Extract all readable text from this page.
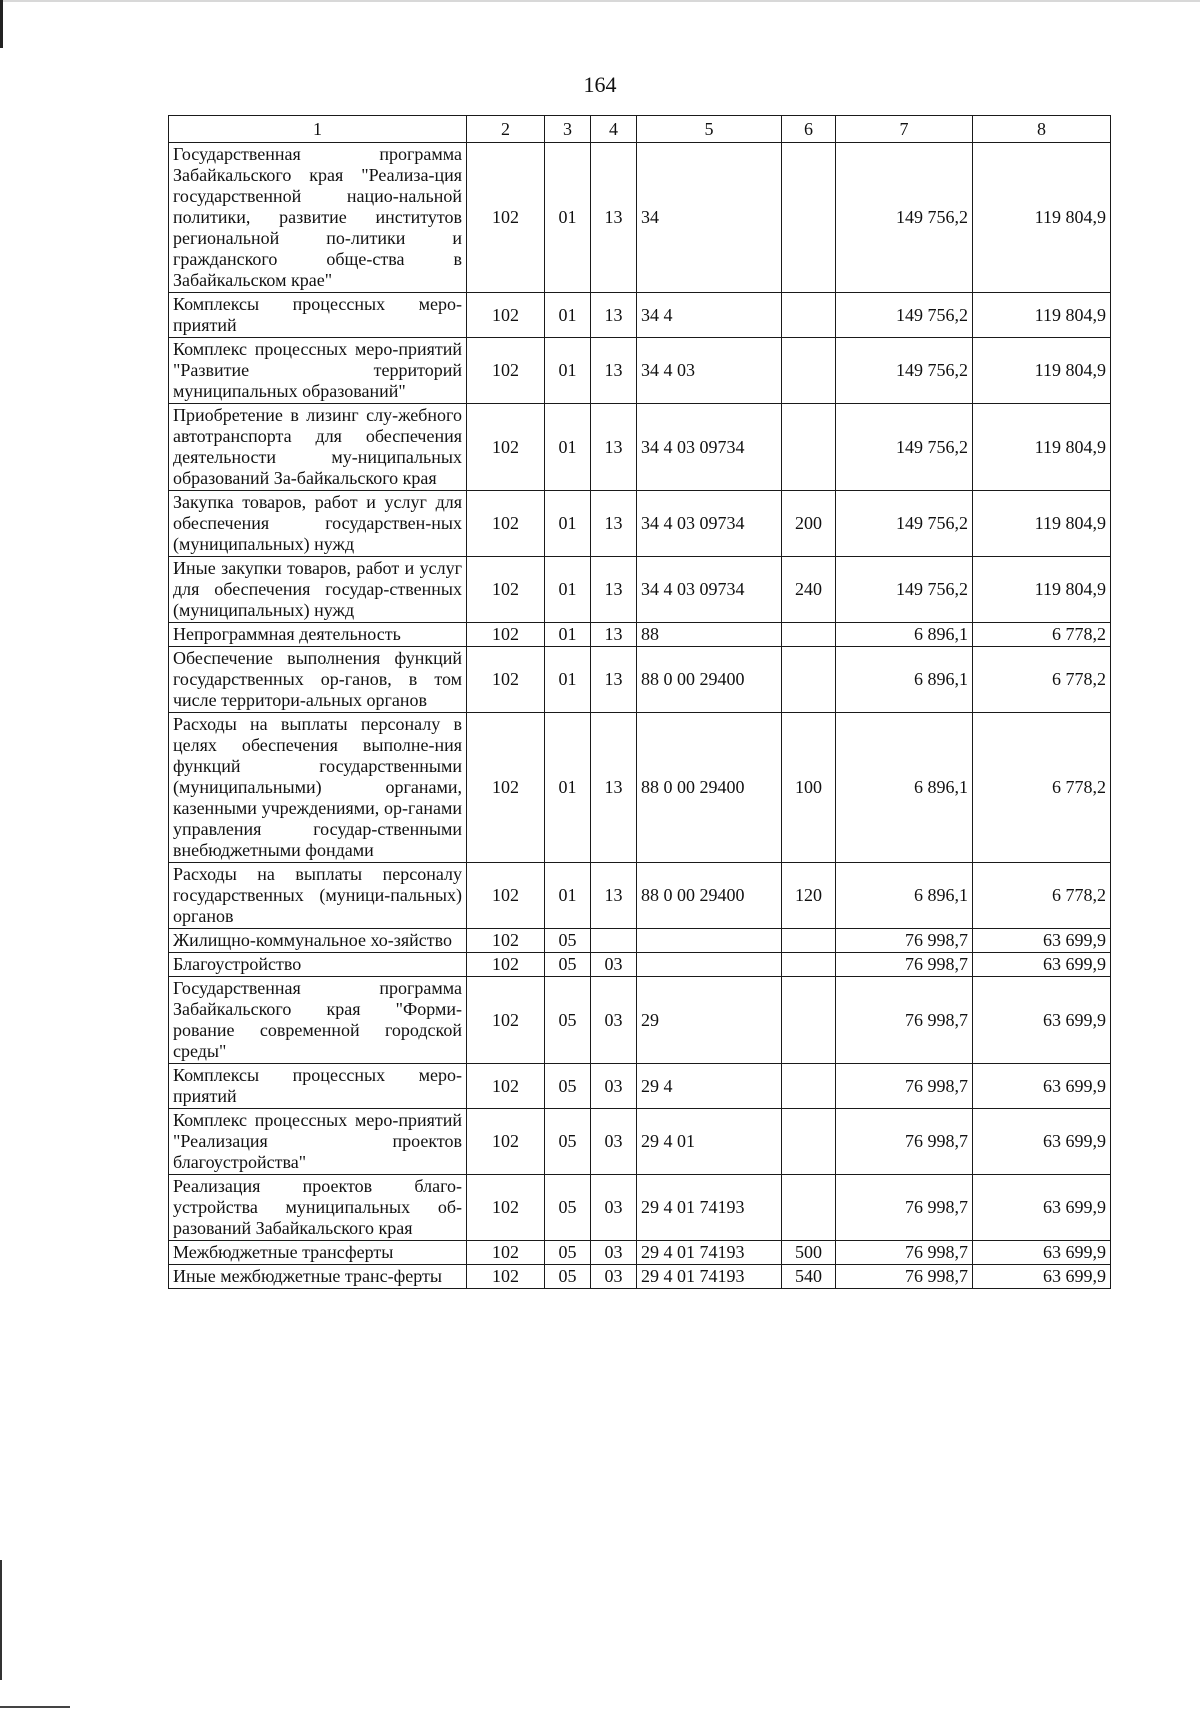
164
1	2	3	4	5	6	7	8
Государственная программа Забайкальского края "Реализа-ция государственной нацио-нальной политики, развитие институтов региональной по-литики и гражданского обще-ства в Забайкальском крае"	102	01	13	34		149 756,2	119 804,9
Комплексы процессных меро-приятий	102	01	13	34 4		149 756,2	119 804,9
Комплекс процессных меро-приятий "Развитие территорий муниципальных образований"	102	01	13	34 4 03		149 756,2	119 804,9
Приобретение в лизинг слу-жебного автотранспорта для обеспечения деятельности му-ниципальных образований За-байкальского края	102	01	13	34 4 03 09734		149 756,2	119 804,9
Закупка товаров, работ и услуг для обеспечения государствен-ных (муниципальных) нужд	102	01	13	34 4 03 09734	200	149 756,2	119 804,9
Иные закупки товаров, работ и услуг для обеспечения государ-ственных (муниципальных) нужд	102	01	13	34 4 03 09734	240	149 756,2	119 804,9
Непрограммная деятельность	102	01	13	88		6 896,1	6 778,2
Обеспечение выполнения функций государственных ор-ганов, в том числе территори-альных органов	102	01	13	88 0 00 29400		6 896,1	6 778,2
Расходы на выплаты персоналу в целях обеспечения выполне-ния функций государственными (муниципальными) органами, казенными учреждениями, ор-ганами управления государ-ственными внебюджетными фондами	102	01	13	88 0 00 29400	100	6 896,1	6 778,2
Расходы на выплаты персоналу государственных (муници-пальных) органов	102	01	13	88 0 00 29400	120	6 896,1	6 778,2
Жилищно-коммунальное хо-зяйство	102	05				76 998,7	63 699,9
Благоустройство	102	05	03			76 998,7	63 699,9
Государственная программа Забайкальского края "Форми-рование современной городской среды"	102	05	03	29		76 998,7	63 699,9
Комплексы процессных меро-приятий	102	05	03	29 4		76 998,7	63 699,9
Комплекс процессных меро-приятий "Реализация проектов благоустройства"	102	05	03	29 4 01		76 998,7	63 699,9
Реализация проектов благо-устройства муниципальных об-разований Забайкальского края	102	05	03	29 4 01 74193		76 998,7	63 699,9
Межбюджетные трансферты	102	05	03	29 4 01 74193	500	76 998,7	63 699,9
Иные межбюджетные транс-ферты	102	05	03	29 4 01 74193	540	76 998,7	63 699,9
